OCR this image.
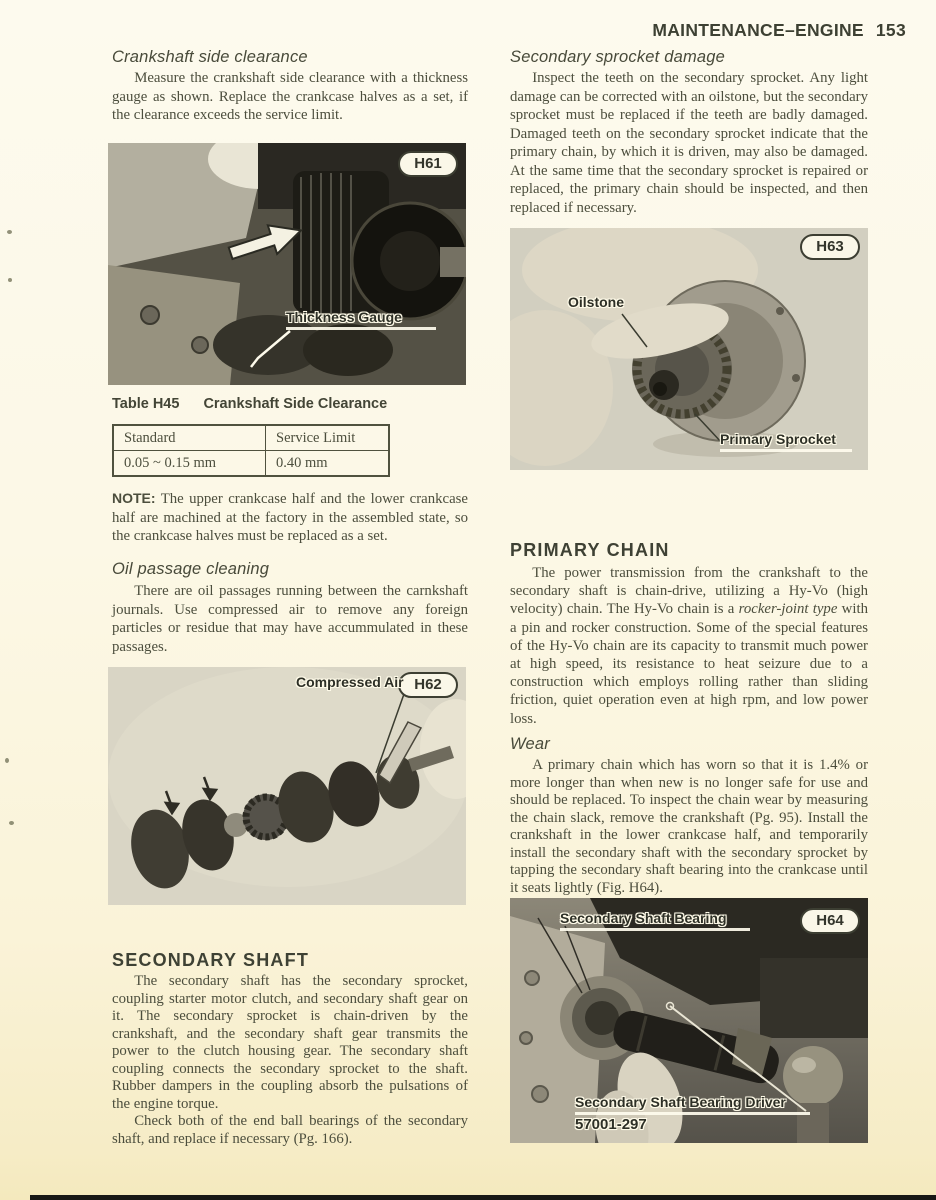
MAINTENANCE–ENGINE 153
Crankshaft side clearance

Measure the crankshaft side clearance with a thickness gauge as shown. Replace the crankcase halves as a set, if the clearance exceeds the service limit.

H61
Thickness Gauge
Table H45 Crankshaft Side Clearance
Standard	Service Limit
0.05 ~ 0.15 mm	0.40 mm

NOTE: The upper crankcase half and the lower crankcase half are machined at the factory in the assembled state, so the crankcase halves must be replaced as a set.

Oil passage cleaning

There are oil passages running between the carnkshaft journals. Use compressed air to remove any foreign particles or residue that may have accummulated in these passages.

H62
Compressed Air
SECONDARY SHAFT

The secondary shaft has the secondary sprocket, coupling starter motor clutch, and secondary shaft gear on it. The secondary sprocket is chain-driven by the crankshaft, and the secondary shaft gear transmits the power to the clutch housing gear. The secondary shaft coupling connects the secondary sprocket to the shaft. Rubber dampers in the coupling absorb the pulsations of the engine torque.

Check both of the end ball bearings of the secondary shaft, and replace if necessary (Pg. 166).

Secondary sprocket damage

Inspect the teeth on the secondary sprocket. Any light damage can be corrected with an oilstone, but the secondary sprocket must be replaced if the teeth are badly damaged. Damaged teeth on the secondary sprocket indicate that the primary chain, by which it is driven, may also be damaged. At the same time that the secondary sprocket is repaired or replaced, the primary chain should be inspected, and then replaced if necessary.

H63
Oilstone
Primary Sprocket
PRIMARY CHAIN

The power transmission from the crankshaft to the secondary shaft is chain-drive, utilizing a Hy-Vo (high velocity) chain. The Hy-Vo chain is a rocker-joint type with a pin and rocker construction. Some of the special features of the Hy-Vo chain are its capacity to transmit much power at high speed, its resistance to heat seizure due to a construction which employs rolling rather than sliding friction, quiet operation even at high rpm, and low power loss.

Wear

A primary chain which has worn so that it is 1.4% or more longer than when new is no longer safe for use and should be replaced. To inspect the chain wear by measuring the chain slack, remove the crankshaft (Pg. 95). Install the crankshaft in the lower crankcase half, and temporarily install the secondary shaft with the secondary sprocket by tapping the secondary shaft bearing into the crankcase until it seats lightly (Fig. H64).

H64
Secondary Shaft Bearing
Secondary Shaft Bearing Driver
57001-297
